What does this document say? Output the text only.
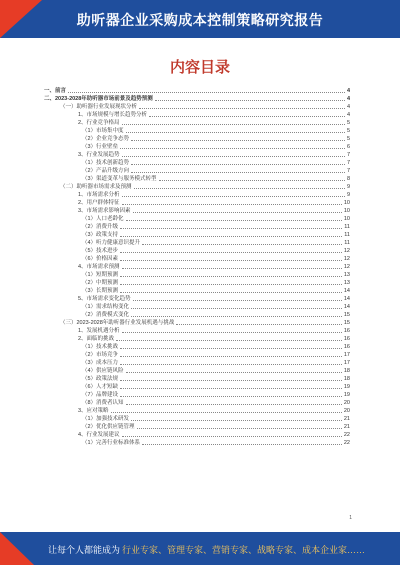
助听器企业采购成本控制策略研究报告
内容目录
一、前言	4
二、2023-2028年助听器市场前景及趋势预测	4
（一）助听器行业发展现状分析	4
1、市场规模与增长趋势分析	4
2、行业竞争格局	5
（1）市场集中度	5
（2）企业竞争态势	5
（3）行业壁垒	6
3、行业发展趋势	7
（1）技术创新趋势	7
（2）产品升级方向	7
（3）渠道变革与服务模式转型	8
（二）助听器市场需求及预测	9
1、市场需求分析	9
2、用户群体特征	10
3、市场需求影响因素	10
（1）人口老龄化	10
（2）消费升级	11
（3）政策支持	11
（4）听力健康意识提升	11
（5）技术进步	12
（6）价格因素	12
4、市场需求预测	12
（1）短期预测	13
（2）中期预测	13
（3）长期预测	14
5、市场需求变化趋势	14
（1）需求结构变化	14
（2）消费模式变化	15
（三）2023-2028年助听器行业发展机遇与挑战	15
1、发展机遇分析	16
2、面临的挑战	16
（1）技术挑战	16
（2）市场竞争	17
（3）成本压力	17
（4）供应链风险	18
（5）政策法规	18
（6）人才短缺	19
（7）品牌建设	19
（8）消费者认知	20
3、应对策略	20
（1）加强技术研发	21
（2）优化供应链管理	21
4、行业发展建议	22
（1）完善行业标准体系	22
1
让每个人都能成为 行业专家、管理专家、营销专家、战略专家、成本企业家……
